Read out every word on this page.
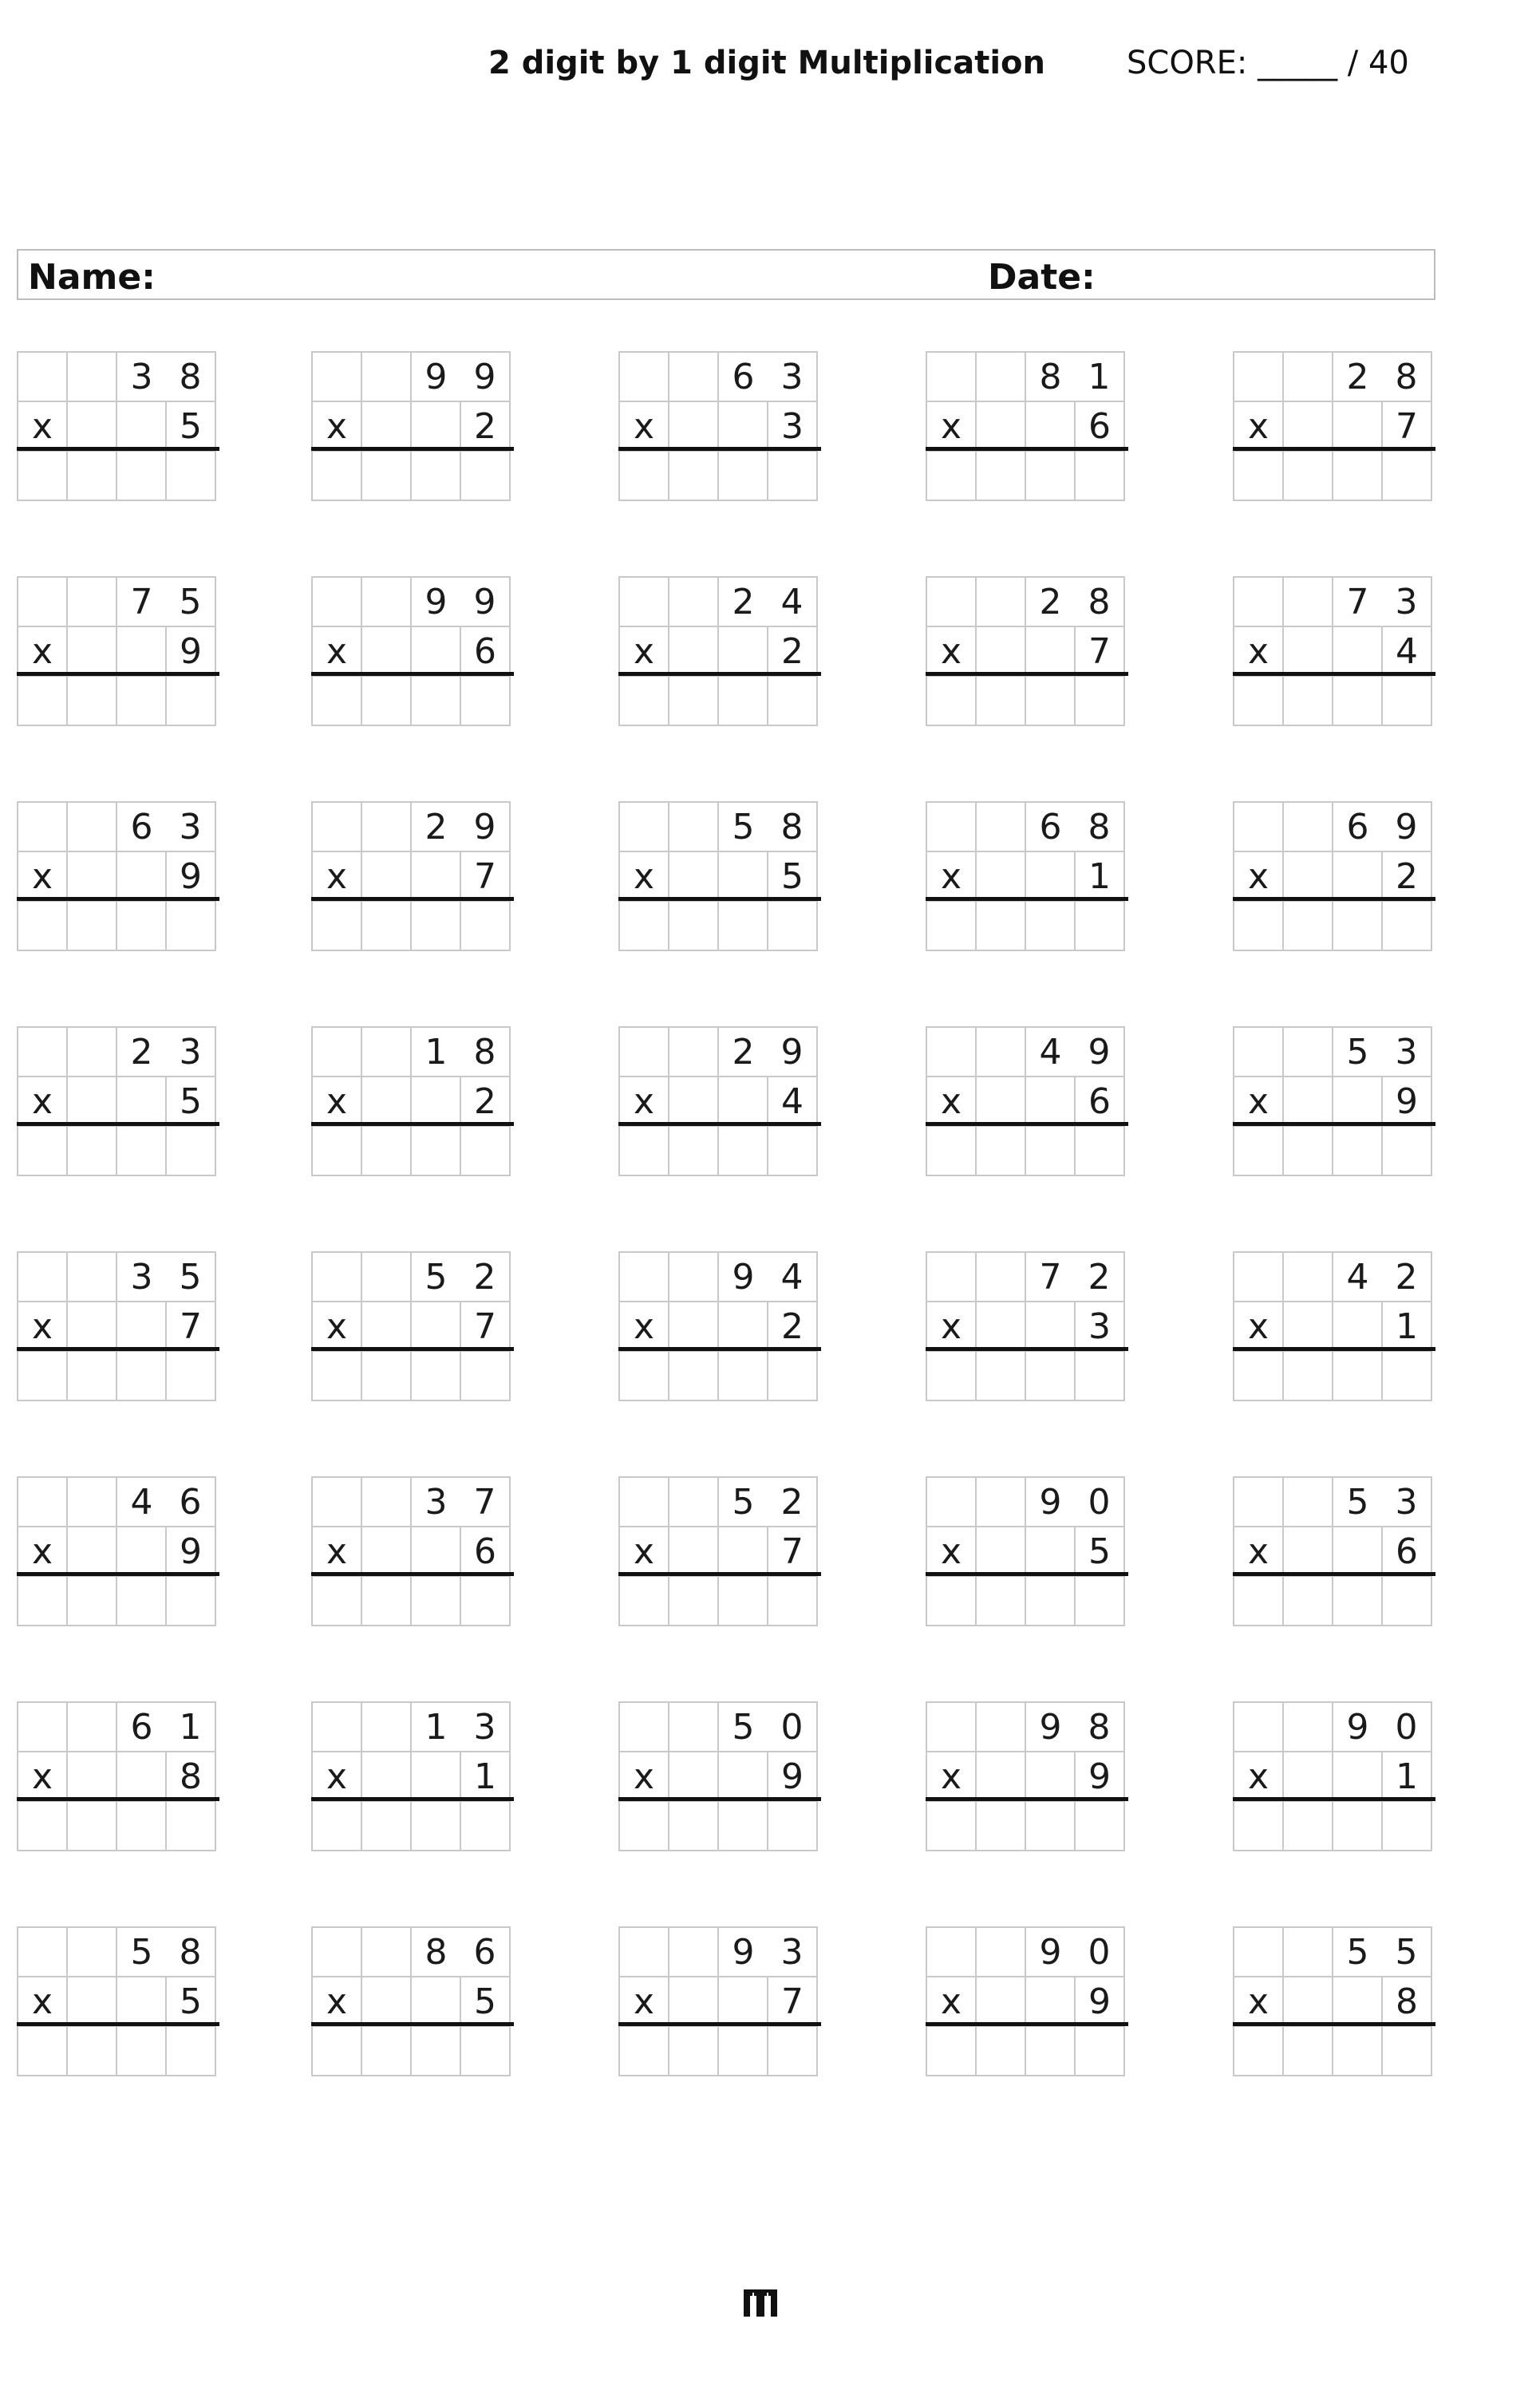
2 digit by 1 digit Multiplication	SCORE: _____ / 40
Name:	Date:
3 8
x	5
9 9
x	2
6 3
x	3
8 1
x	6
2 8
x	7
7 5
x	9
9 9
x	6
2 4
x	2
2 8
x	7
7 3
x	4
6 3
x	9
2 9
x	7
5 8
x	5
6 8
x	1
6 9
x	2
2 3
x	5
1 8
x	2
2 9
x	4
4 9
x	6
5 3
x	9
3 5
x	7
5 2
x	7
9 4
x	2
7 2
x	3
4 2
x	1
4 6
x	9
3 7
x	6
5 2
x	7
9 0
x	5
5 3
x	6
6 1
x	8
1 3
x	1
5 0
x	9
9 8
x	9
9 0
x	1
5 8
x	5
8 6
x	5
9 3
x	7
9 0
x	9
5 5
x	8
